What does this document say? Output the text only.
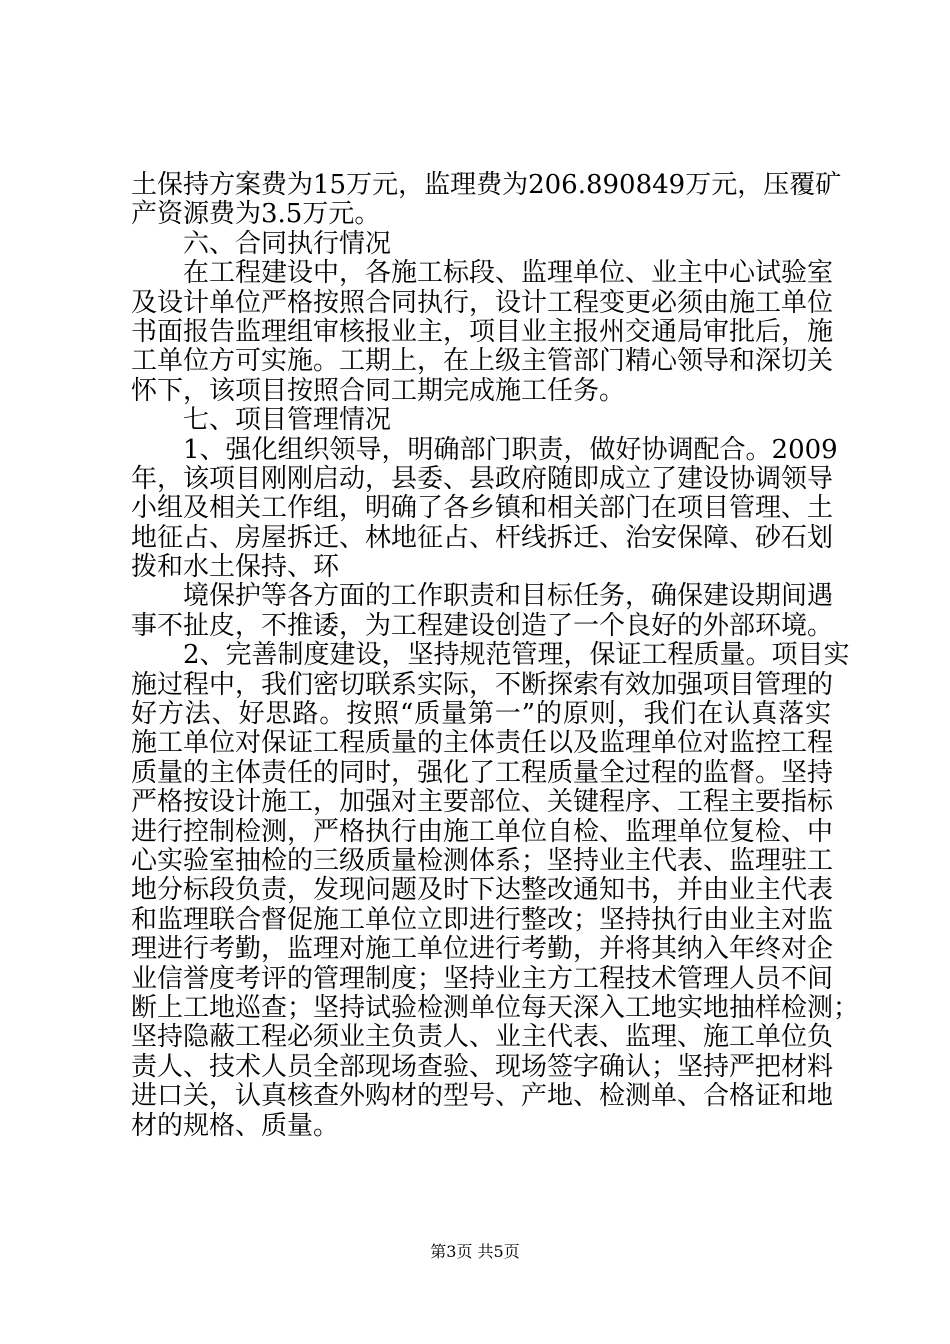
土保持方案费为15万元，监理费为206.890849万元，压覆矿
产资源费为3.5万元。
六、合同执行情况
在工程建设中，各施工标段、监理单位、业主中心试验室
及设计单位严格按照合同执行，设计工程变更必须由施工单位
书面报告监理组审核报业主，项目业主报州交通局审批后，施
工单位方可实施。工期上，在上级主管部门精心领导和深切关
怀下，该项目按照合同工期完成施工任务。
七、项目管理情况
1、强化组织领导，明确部门职责，做好协调配合。2009
年，该项目刚刚启动，县委、县政府随即成立了建设协调领导
小组及相关工作组，明确了各乡镇和相关部门在项目管理、土
地征占、房屋拆迁、林地征占、杆线拆迁、治安保障、砂石划
拨和水土保持、环
境保护等各方面的工作职责和目标任务，确保建设期间遇
事不扯皮，不推诿，为工程建设创造了一个良好的外部环境。
2、完善制度建设，坚持规范管理，保证工程质量。项目实
施过程中，我们密切联系实际，不断探索有效加强项目管理的
好方法、好思路。按照“质量第一”的原则，我们在认真落实
施工单位对保证工程质量的主体责任以及监理单位对监控工程
质量的主体责任的同时，强化了工程质量全过程的监督。坚持
严格按设计施工，加强对主要部位、关键程序、工程主要指标
进行控制检测，严格执行由施工单位自检、监理单位复检、中
心实验室抽检的三级质量检测体系；坚持业主代表、监理驻工
地分标段负责，发现问题及时下达整改通知书，并由业主代表
和监理联合督促施工单位立即进行整改；坚持执行由业主对监
理进行考勤，监理对施工单位进行考勤，并将其纳入年终对企
业信誉度考评的管理制度；坚持业主方工程技术管理人员不间
断上工地巡查；坚持试验检测单位每天深入工地实地抽样检测；
坚持隐蔽工程必须业主负责人、业主代表、监理、施工单位负
责人、技术人员全部现场查验、现场签字确认；坚持严把材料
进口关，认真核查外购材的型号、产地、检测单、合格证和地
材的规格、质量。
第3页 共5页
